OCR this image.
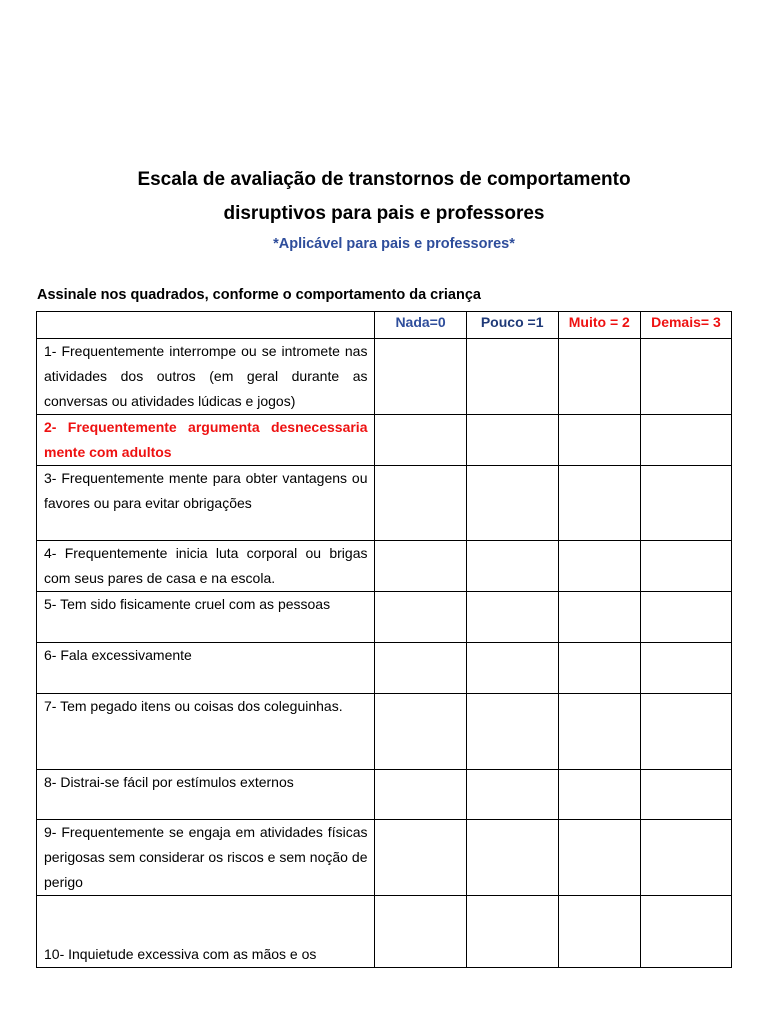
Escala de avaliação de transtornos de comportamento
disruptivos para pais e professores
*Aplicável para pais e professores*
Assinale nos quadrados, conforme o comportamento da criança
	Nada=0	Pouco =1	Muito = 2	Demais= 3

1- Frequentemente interrompe ou se intromete nas atividades dos outros (em geral durante as conversas ou atividades lúdicas e jogos)				

2- Frequentemente argumenta desnecessaria mente com adultos				

3- Frequentemente mente para obter vantagens ou favores ou para evitar obrigações				

4- Frequentemente inicia luta corporal ou brigas com seus pares de casa e na escola.				

5- Tem sido fisicamente cruel com as pessoas				

6- Fala excessivamente				

7- Tem pegado itens ou coisas dos coleguinhas.				

8- Distrai-se fácil por estímulos externos				

9- Frequentemente se engaja em atividades físicas perigosas sem considerar os riscos e sem noção de perigo				

10- Inquietude excessiva com as mãos e os				
